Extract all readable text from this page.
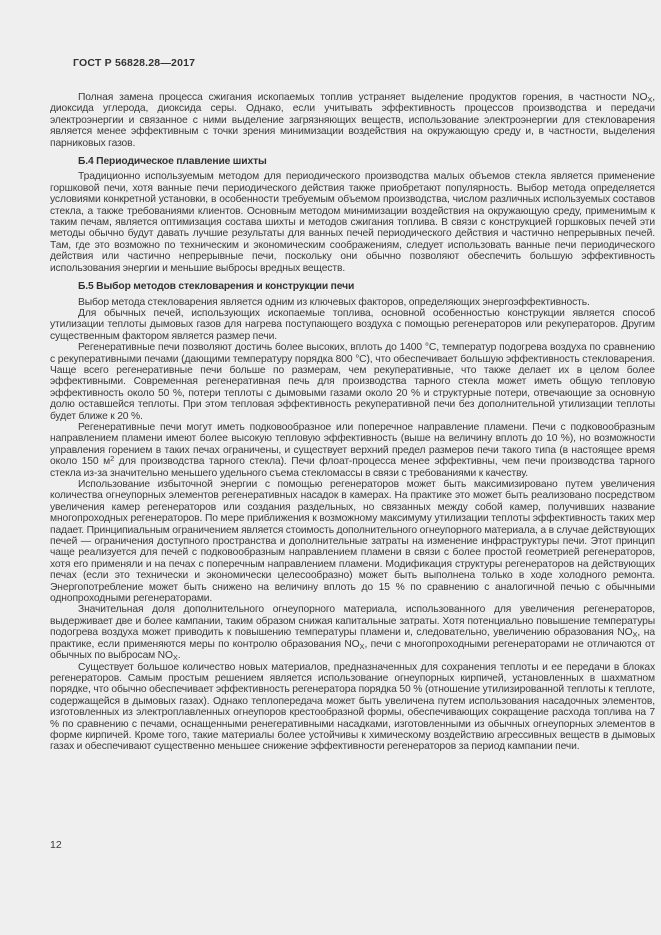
ГОСТ Р 56828.28—2017

Полная замена процесса сжигания ископаемых топлив устраняет выделение продуктов горения, в частности $NO_X$, диоксида углерода, диоксида серы. Однако, если учитывать эффективность процессов производства и передачи электроэнергии и связанное с ними выделение загрязняющих веществ, использование электроэнергии для стекловарения является менее эффективным с точки зрения минимизации воздействия на окружающую среду и, в частности, выделения парниковых газов.

Б.4 Периодическое плавление шихты

Традиционно используемым методом для периодического производства малых объемов стекла является применение горшковой печи, хотя ванные печи периодического действия также приобретают популярность. Выбор метода определяется условиями конкретной установки, в особенности требуемым объемом производства, числом различных используемых составов стекла, а также требованиями клиентов. Основным методом минимизации воздействия на окружающую среду, применимым к таким печам, является оптимизация состава шихты и методов сжигания топлива. В связи с конструкцией горшковых печей эти методы обычно будут давать лучшие результаты для ванных печей периодического действия и частично непрерывных печей. Там, где это возможно по техническим и экономическим соображениям, следует использовать ванные печи периодического действия или частично непрерывные печи, поскольку они обычно позволяют обеспечить большую эффективность использования энергии и меньшие выбросы вредных веществ.

Б.5 Выбор методов стекловарения и конструкции печи

Выбор метода стекловарения является одним из ключевых факторов, определяющих энергоэффективность.

Для обычных печей, использующих ископаемые топлива, основной особенностью конструкции является способ утилизации теплоты дымовых газов для нагрева поступающего воздуха с помощью регенераторов или рекуператоров. Другим существенным фактором является размер печи.

Регенеративные печи позволяют достичь более высоких, вплоть до 1400 °С, температур подогрева воздуха по сравнению с рекуперативными печами (дающими температуру порядка 800 °С), что обеспечивает большую эффективность стекловарения. Чаще всего регенеративные печи больше по размерам, чем рекуперативные, что также делает их в целом более эффективными. Современная регенеративная печь для производства тарного стекла может иметь общую тепловую эффективность около 50 %, потери теплоты с дымовыми газами около 20 % и структурные потери, отвечающие за основную долю оставшейся теплоты. При этом тепловая эффективность рекуперативной печи без дополнительной утилизации теплоты будет ближе к 20 %.

Регенеративные печи могут иметь подковообразное или поперечное направление пламени. Печи с подковообразным направлением пламени имеют более высокую тепловую эффективность (выше на величину вплоть до 10 %), но возможности управления горением в таких печах ограничены, и существует верхний предел размеров печи такого типа (в настоящее время около 150 $м^2$ для производства тарного стекла). Печи флоат-процесса менее эффективны, чем печи производства тарного стекла из-за значительно меньшего удельного съема стекломассы в связи с требованиями к качеству.

Использование избыточной энергии с помощью регенераторов может быть максимизировано путем увеличения количества огнеупорных элементов регенеративных насадок в камерах. На практике это может быть реализовано посредством увеличения камер регенераторов или создания раздельных, но связанных между собой камер, получивших название многопроходных регенераторов. По мере приближения к возможному максимуму утилизации теплоты эффективность таких мер падает. Принципиальным ограничением является стоимость дополнительного огнеупорного материала, а в случае действующих печей — ограничения доступного пространства и дополнительные затраты на изменение инфраструктуры печи. Этот принцип чаще реализуется для печей с подковообразным направлением пламени в связи с более простой геометрией регенераторов, хотя его применяли и на печах с поперечным направлением пламени. Модификация структуры регенераторов на действующих печах (если это технически и экономически целесообразно) может быть выполнена только в ходе холодного ремонта. Энергопотребление может быть снижено на величину вплоть до 15 % по сравнению с аналогичной печью с обычными однопроходными регенераторами.

Значительная доля дополнительного огнеупорного материала, использованного для увеличения регенераторов, выдерживает две и более кампании, таким образом снижая капитальные затраты. Хотя потенциально повышение температуры подогрева воздуха может приводить к повышению температуры пламени и, следовательно, увеличению образования $NO_X$, на практике, если применяются меры по контролю образования $NO_X$, печи с многопроходными регенераторами не отличаются от обычных по выбросам $NO_X$.

Существует большое количество новых материалов, предназначенных для сохранения теплоты и ее передачи в блоках регенераторов. Самым простым решением является использование огнеупорных кирпичей, установленных в шахматном порядке, что обычно обеспечивает эффективность регенератора порядка 50 % (отношение утилизированной теплоты к теплоте, содержащейся в дымовых газах). Однако теплопередача может быть увеличена путем использования насадочных элементов, изготовленных из электроплавленных огнеупоров крестообразной формы, обеспечивающих сокращение расхода топлива на 7 % по сравнению с печами, оснащенными ренегеративными насадками, изготовленными из обычных огнеупорных элементов в форме кирпичей. Кроме того, такие материалы более устойчивы к химическому воздействию агрессивных веществ в дымовых газах и обеспечивают существенно меньшее снижение эффективности регенераторов за период кампании печи.

12
